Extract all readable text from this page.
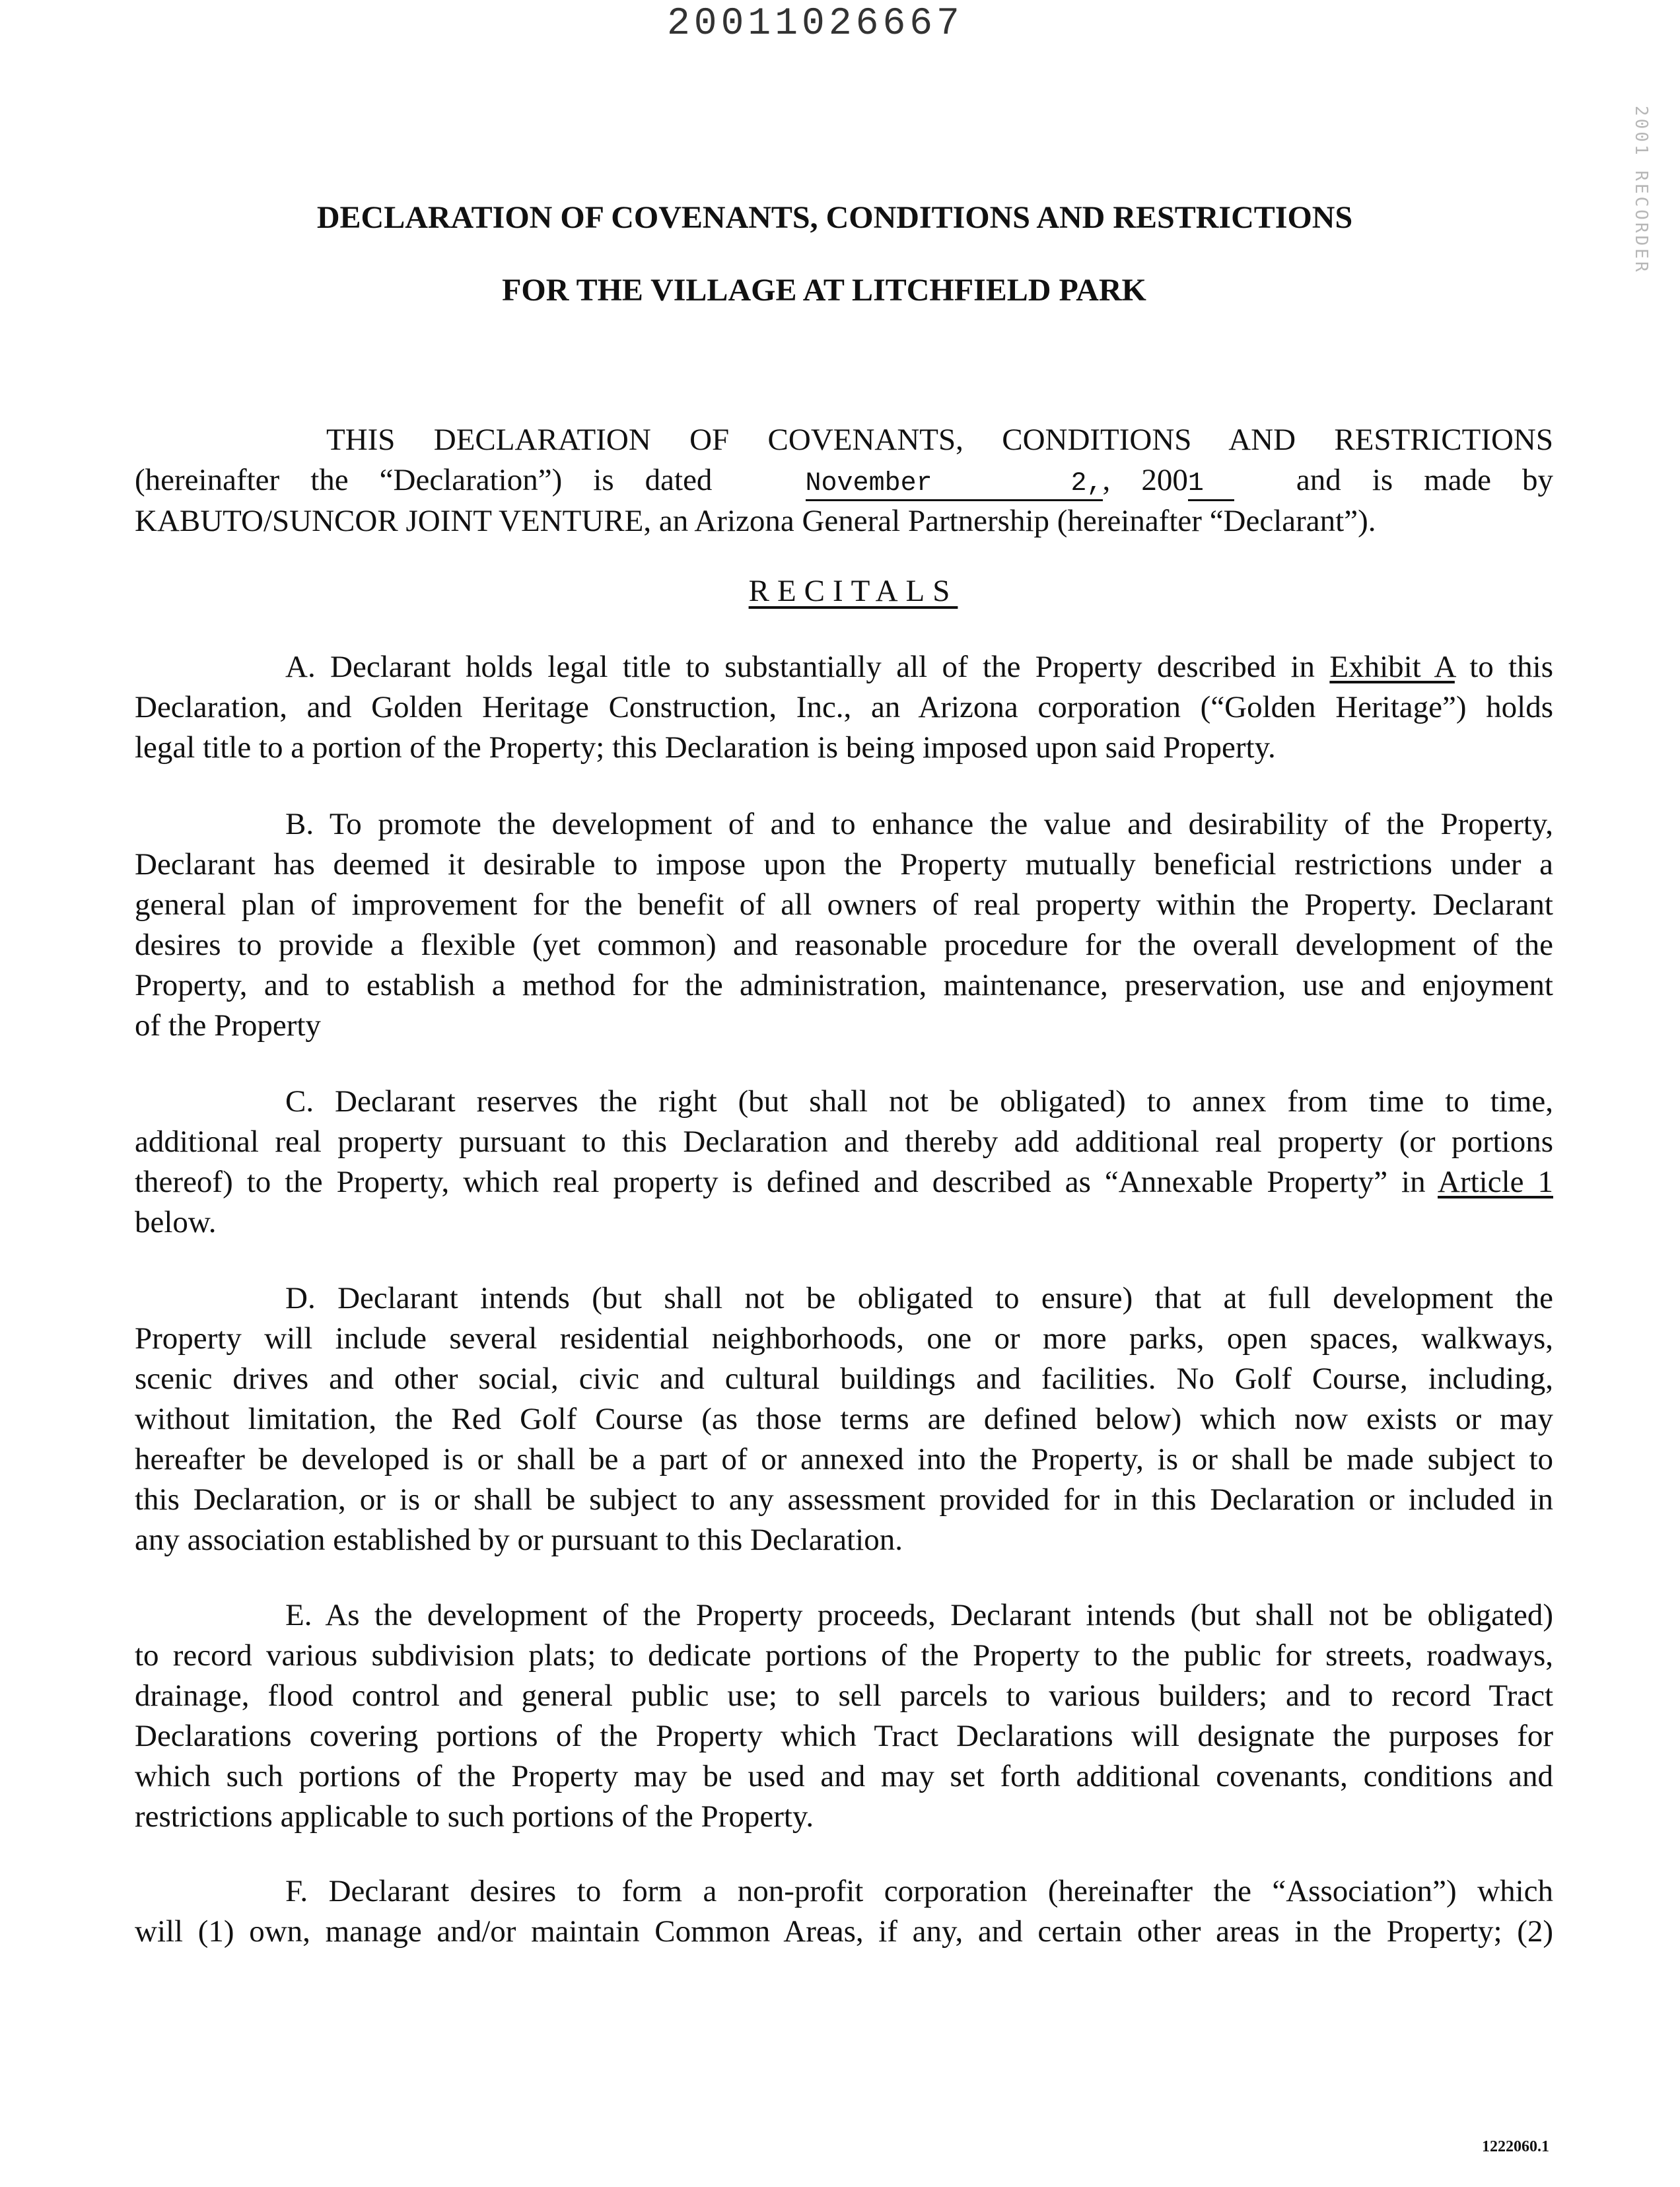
20011026667
2001 RECORDER
DECLARATION OF COVENANTS, CONDITIONS AND RESTRICTIONS
FOR THE VILLAGE AT LITCHFIELD PARK
THIS DECLARATION OF COVENANTS, CONDITIONS AND RESTRICTIONS
(hereinafter the “Declaration”) is dated	November 2,, 2001	and is made by
KABUTO/SUNCOR JOINT VENTURE, an Arizona General Partnership (hereinafter “Declarant”).
RECITALS
A. Declarant holds legal title to substantially all of the Property described in Exhibit A to this
Declaration, and Golden Heritage Construction, Inc., an Arizona corporation (“Golden Heritage”) holds
legal title to a portion of the Property; this Declaration is being imposed upon said Property.
B. To promote the development of and to enhance the value and desirability of the Property,
Declarant has deemed it desirable to impose upon the Property mutually beneficial restrictions under a
general plan of improvement for the benefit of all owners of real property within the Property. Declarant
desires to provide a flexible (yet common) and reasonable procedure for the overall development of the
Property, and to establish a method for the administration, maintenance, preservation, use and enjoyment
of the Property
C. Declarant reserves the right (but shall not be obligated) to annex from time to time,
additional real property pursuant to this Declaration and thereby add additional real property (or portions
thereof) to the Property, which real property is defined and described as “Annexable Property” in Article 1
below.
D. Declarant intends (but shall not be obligated to ensure) that at full development the
Property will include several residential neighborhoods, one or more parks, open spaces, walkways,
scenic drives and other social, civic and cultural buildings and facilities. No Golf Course, including,
without limitation, the Red Golf Course (as those terms are defined below) which now exists or may
hereafter be developed is or shall be a part of or annexed into the Property, is or shall be made subject to
this Declaration, or is or shall be subject to any assessment provided for in this Declaration or included in
any association established by or pursuant to this Declaration.
E. As the development of the Property proceeds, Declarant intends (but shall not be obligated)
to record various subdivision plats; to dedicate portions of the Property to the public for streets, roadways,
drainage, flood control and general public use; to sell parcels to various builders; and to record Tract
Declarations covering portions of the Property which Tract Declarations will designate the purposes for
which such portions of the Property may be used and may set forth additional covenants, conditions and
restrictions applicable to such portions of the Property.
F. Declarant desires to form a non-profit corporation (hereinafter the “Association”) which
will (1) own, manage and/or maintain Common Areas, if any, and certain other areas in the Property; (2)
1222060.1
